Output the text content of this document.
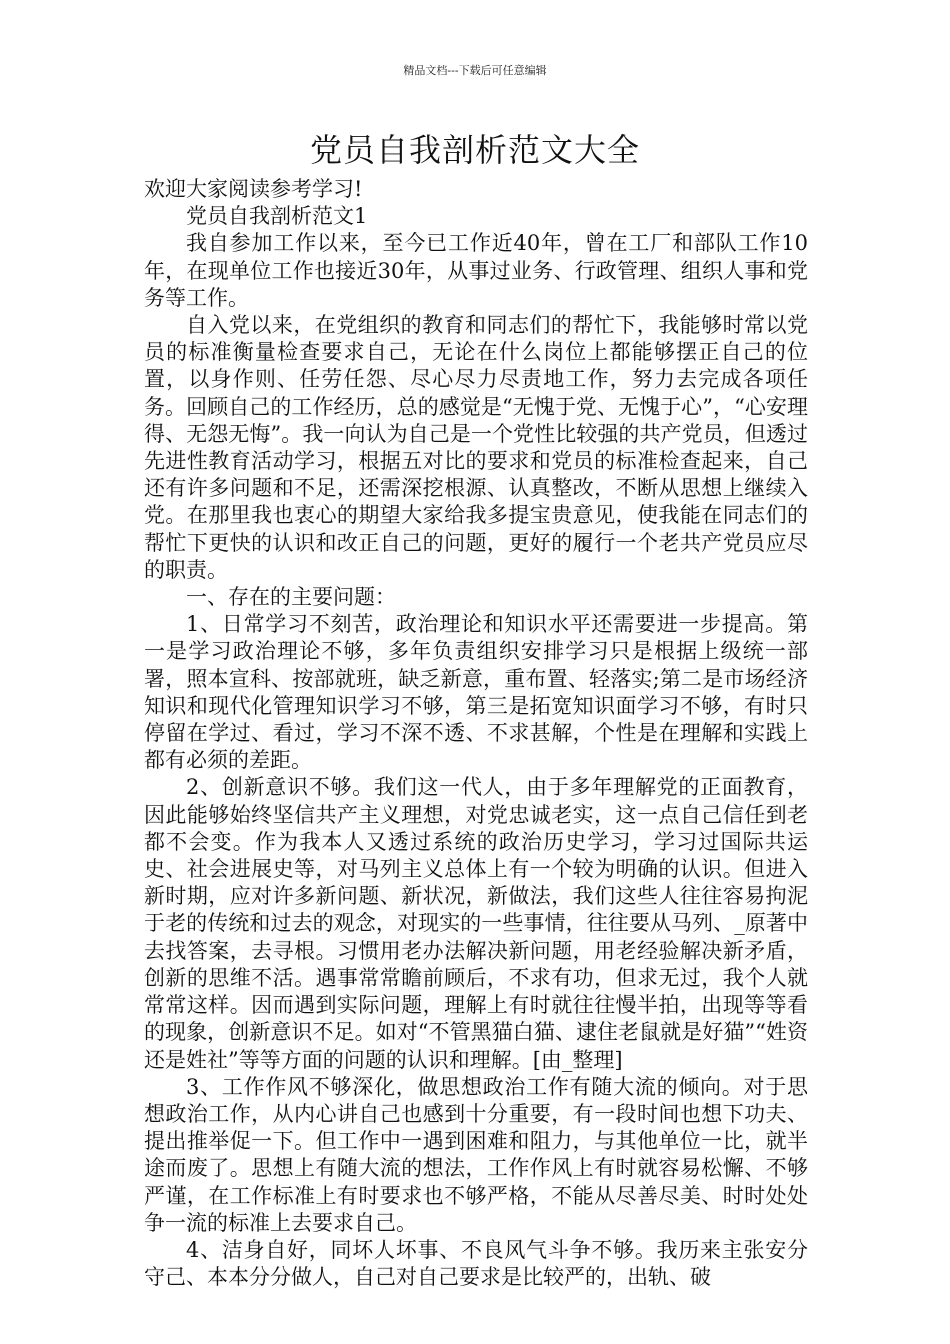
精品文档---下载后可任意编辑
党员自我剖析范文大全

欢迎大家阅读参考学习!

党员自我剖析范文1

我自参加工作以来，至今已工作近40年，曾在工厂和部队工作10年，在现单位工作也接近30年，从事过业务、行政管理、组织人事和党务等工作。

自入党以来，在党组织的教育和同志们的帮忙下，我能够时常以党员的标准衡量检查要求自己，无论在什么岗位上都能够摆正自己的位置，以身作则、任劳任怨、尽心尽力尽责地工作，努力去完成各项任务。回顾自己的工作经历，总的感觉是“无愧于党、无愧于心”，“心安理得、无怨无悔”。我一向认为自己是一个党性比较强的共产党员，但透过先进性教育活动学习，根据五对比的要求和党员的标准检查起来，自己还有许多问题和不足，还需深挖根源、认真整改，不断从思想上继续入党。在那里我也衷心的期望大家给我多提宝贵意见，使我能在同志们的帮忙下更快的认识和改正自己的问题，更好的履行一个老共产党员应尽的职责。

一、存在的主要问题：

1、日常学习不刻苦，政治理论和知识水平还需要进一步提高。第一是学习政治理论不够，多年负责组织安排学习只是根据上级统一部署，照本宣科、按部就班，缺乏新意，重布置、轻落实;第二是市场经济知识和现代化管理知识学习不够，第三是拓宽知识面学习不够，有时只停留在学过、看过，学习不深不透、不求甚解，个性是在理解和实践上都有必须的差距。

2、创新意识不够。我们这一代人，由于多年理解党的正面教育，因此能够始终坚信共产主义理想，对党忠诚老实，这一点自己信任到老都不会变。作为我本人又透过系统的政治历史学习，学习过国际共运史、社会进展史等，对马列主义总体上有一个较为明确的认识。但进入新时期，应对许多新问题、新状况，新做法，我们这些人往往容易拘泥于老的传统和过去的观念，对现实的一些事情，往往要从马列、_原著中去找答案，去寻根。习惯用老办法解决新问题，用老经验解决新矛盾，创新的思维不活。遇事常常瞻前顾后，不求有功，但求无过，我个人就常常这样。因而遇到实际问题，理解上有时就往往慢半拍，出现等等看的现象，创新意识不足。如对“不管黑猫白猫、逮住老鼠就是好猫”“姓资还是姓社”等等方面的问题的认识和理解。[由_整理]

3、工作作风不够深化，做思想政治工作有随大流的倾向。对于思想政治工作，从内心讲自己也感到十分重要，有一段时间也想下功夫、提出推举促一下。但工作中一遇到困难和阻力，与其他单位一比，就半途而废了。思想上有随大流的想法，工作作风上有时就容易松懈、不够严谨，在工作标准上有时要求也不够严格，不能从尽善尽美、时时处处争一流的标准上去要求自己。

4、洁身自好，同坏人坏事、不良风气斗争不够。我历来主张安分守己、本本分分做人，自己对自己要求是比较严的，出轨、破
